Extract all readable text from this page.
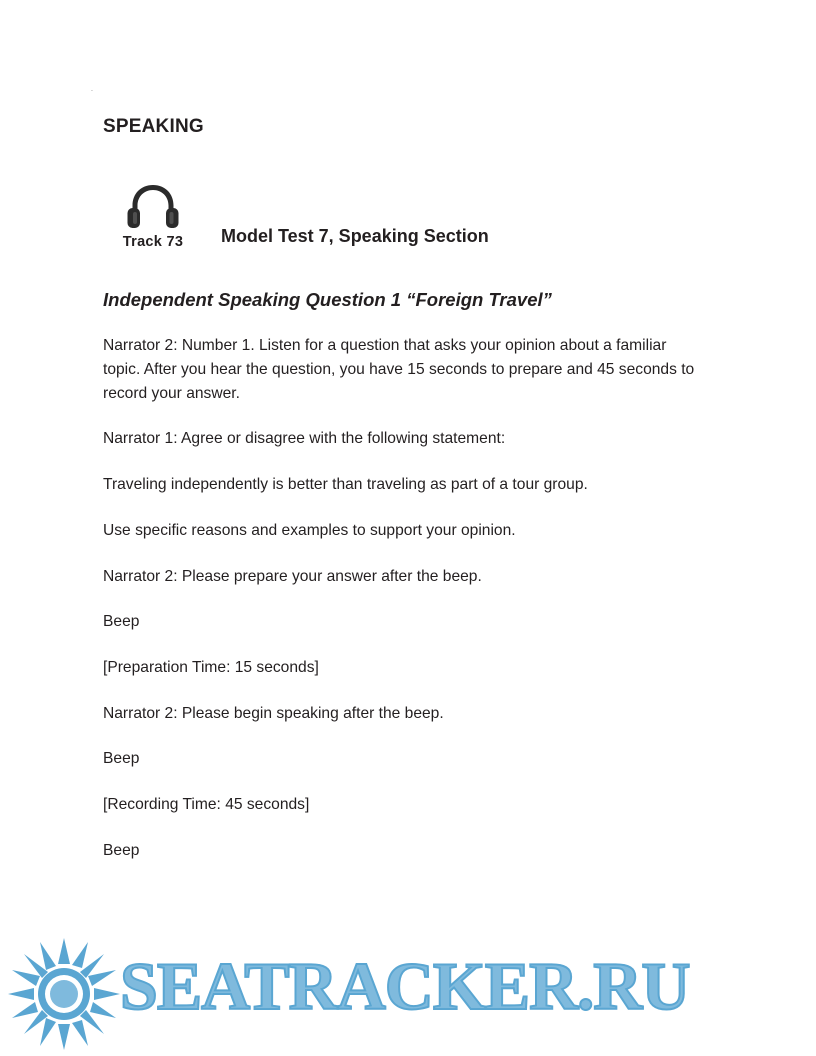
.
SPEAKING
Track 73 Model Test 7, Speaking Section
Independent Speaking Question 1 “Foreign Travel”

Narrator 2: Number 1. Listen for a question that asks your opinion about a familiar topic. After you hear the question, you have 15 seconds to prepare and 45 seconds to record your answer.

Narrator 1: Agree or disagree with the following statement:

Traveling independently is better than traveling as part of a tour group.

Use specific reasons and examples to support your opinion.

Narrator 2: Please prepare your answer after the beep.

Beep

[Preparation Time: 15 seconds]

Narrator 2: Please begin speaking after the beep.

Beep

[Recording Time: 45 seconds]

Beep

SEATRACKER.RU
